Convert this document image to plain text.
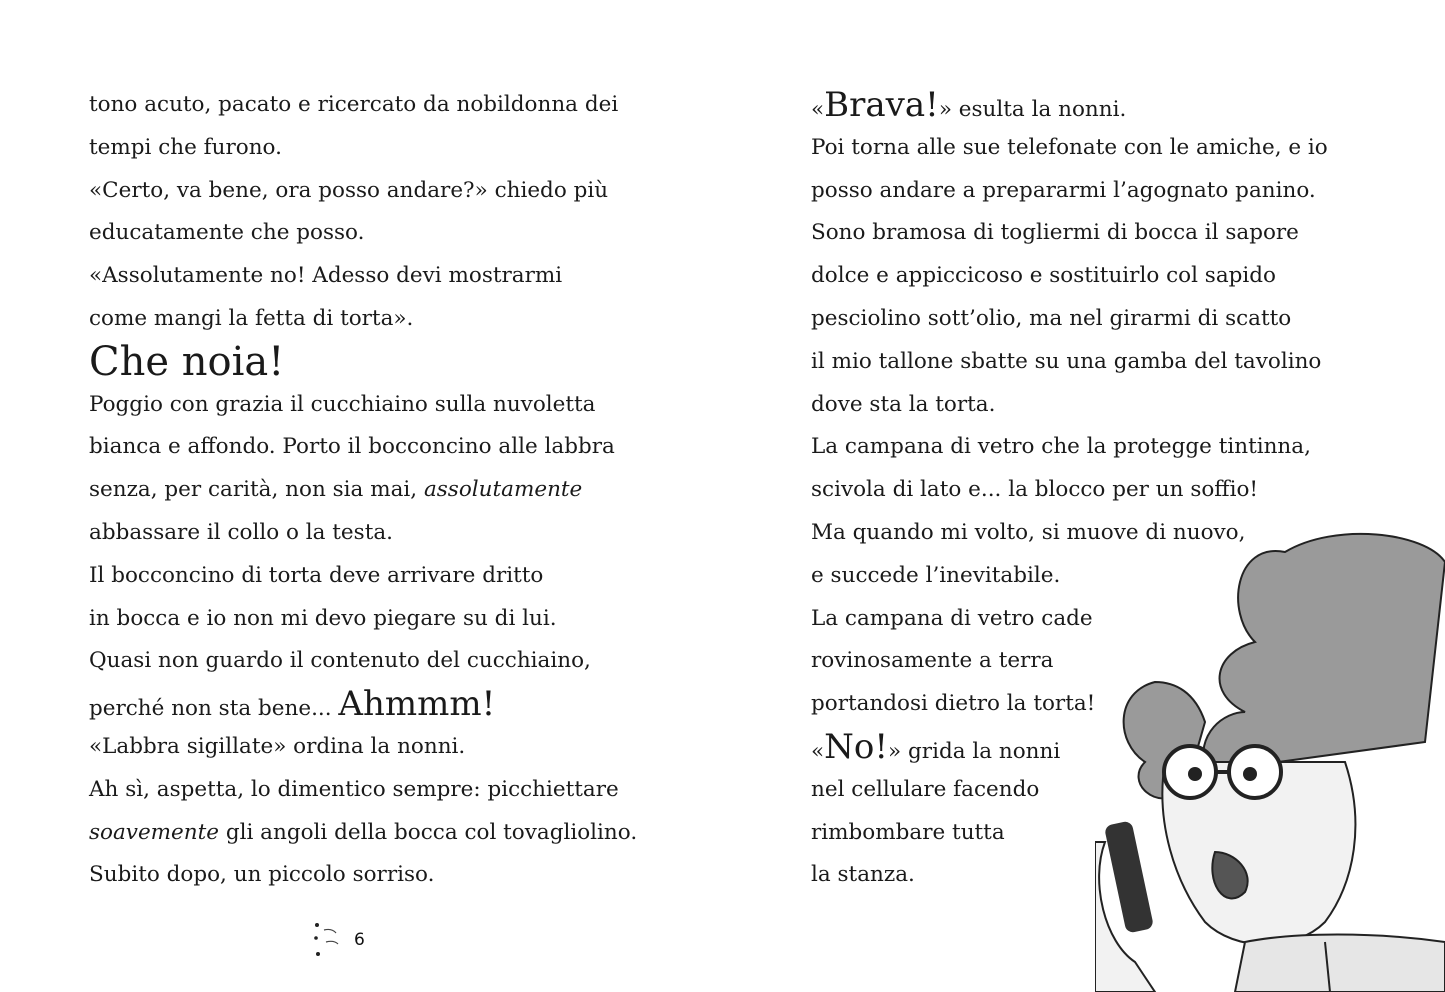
tono acuto, pacato e ricercato da nobildonna dei
tempi che furono.
«Certo, va bene, ora posso andare?» chiedo più
educatamente che posso.
«Assolutamente no! Adesso devi mostrarmi
come mangi la fetta di torta».
Che noia!
Poggio con grazia il cucchiaino sulla nuvoletta
bianca e affondo. Porto il bocconcino alle labbra
senza, per carità, non sia mai, assolutamente
abbassare il collo o la testa.
Il bocconcino di torta deve arrivare dritto
in bocca e io non mi devo piegare su di lui.
Quasi non guardo il contenuto del cucchiaino,
perché non sta bene... Ahmmm!
«Labbra sigillate» ordina la nonni.
Ah sì, aspetta, lo dimentico sempre: picchiettare
soavemente gli angoli della bocca col tovagliolino.
Subito dopo, un piccolo sorriso.
«Brava!» esulta la nonni.
Poi torna alle sue telefonate con le amiche, e io
posso andare a prepararmi l’agognato panino.
Sono bramosa di togliermi di bocca il sapore
dolce e appiccicoso e sostituirlo col sapido
pesciolino sott’olio, ma nel girarmi di scatto
il mio tallone sbatte su una gamba del tavolino
dove sta la torta.
La campana di vetro che la protegge tintinna,
scivola di lato e... la blocco per un soffio!
Ma quando mi volto, si muove di nuovo,
e succede l’inevitabile.
La campana di vetro cade
rovinosamente a terra
portandosi dietro la torta!
«No!» grida la nonni
nel cellulare facendo
rimbombare tutta
la stanza.
6
